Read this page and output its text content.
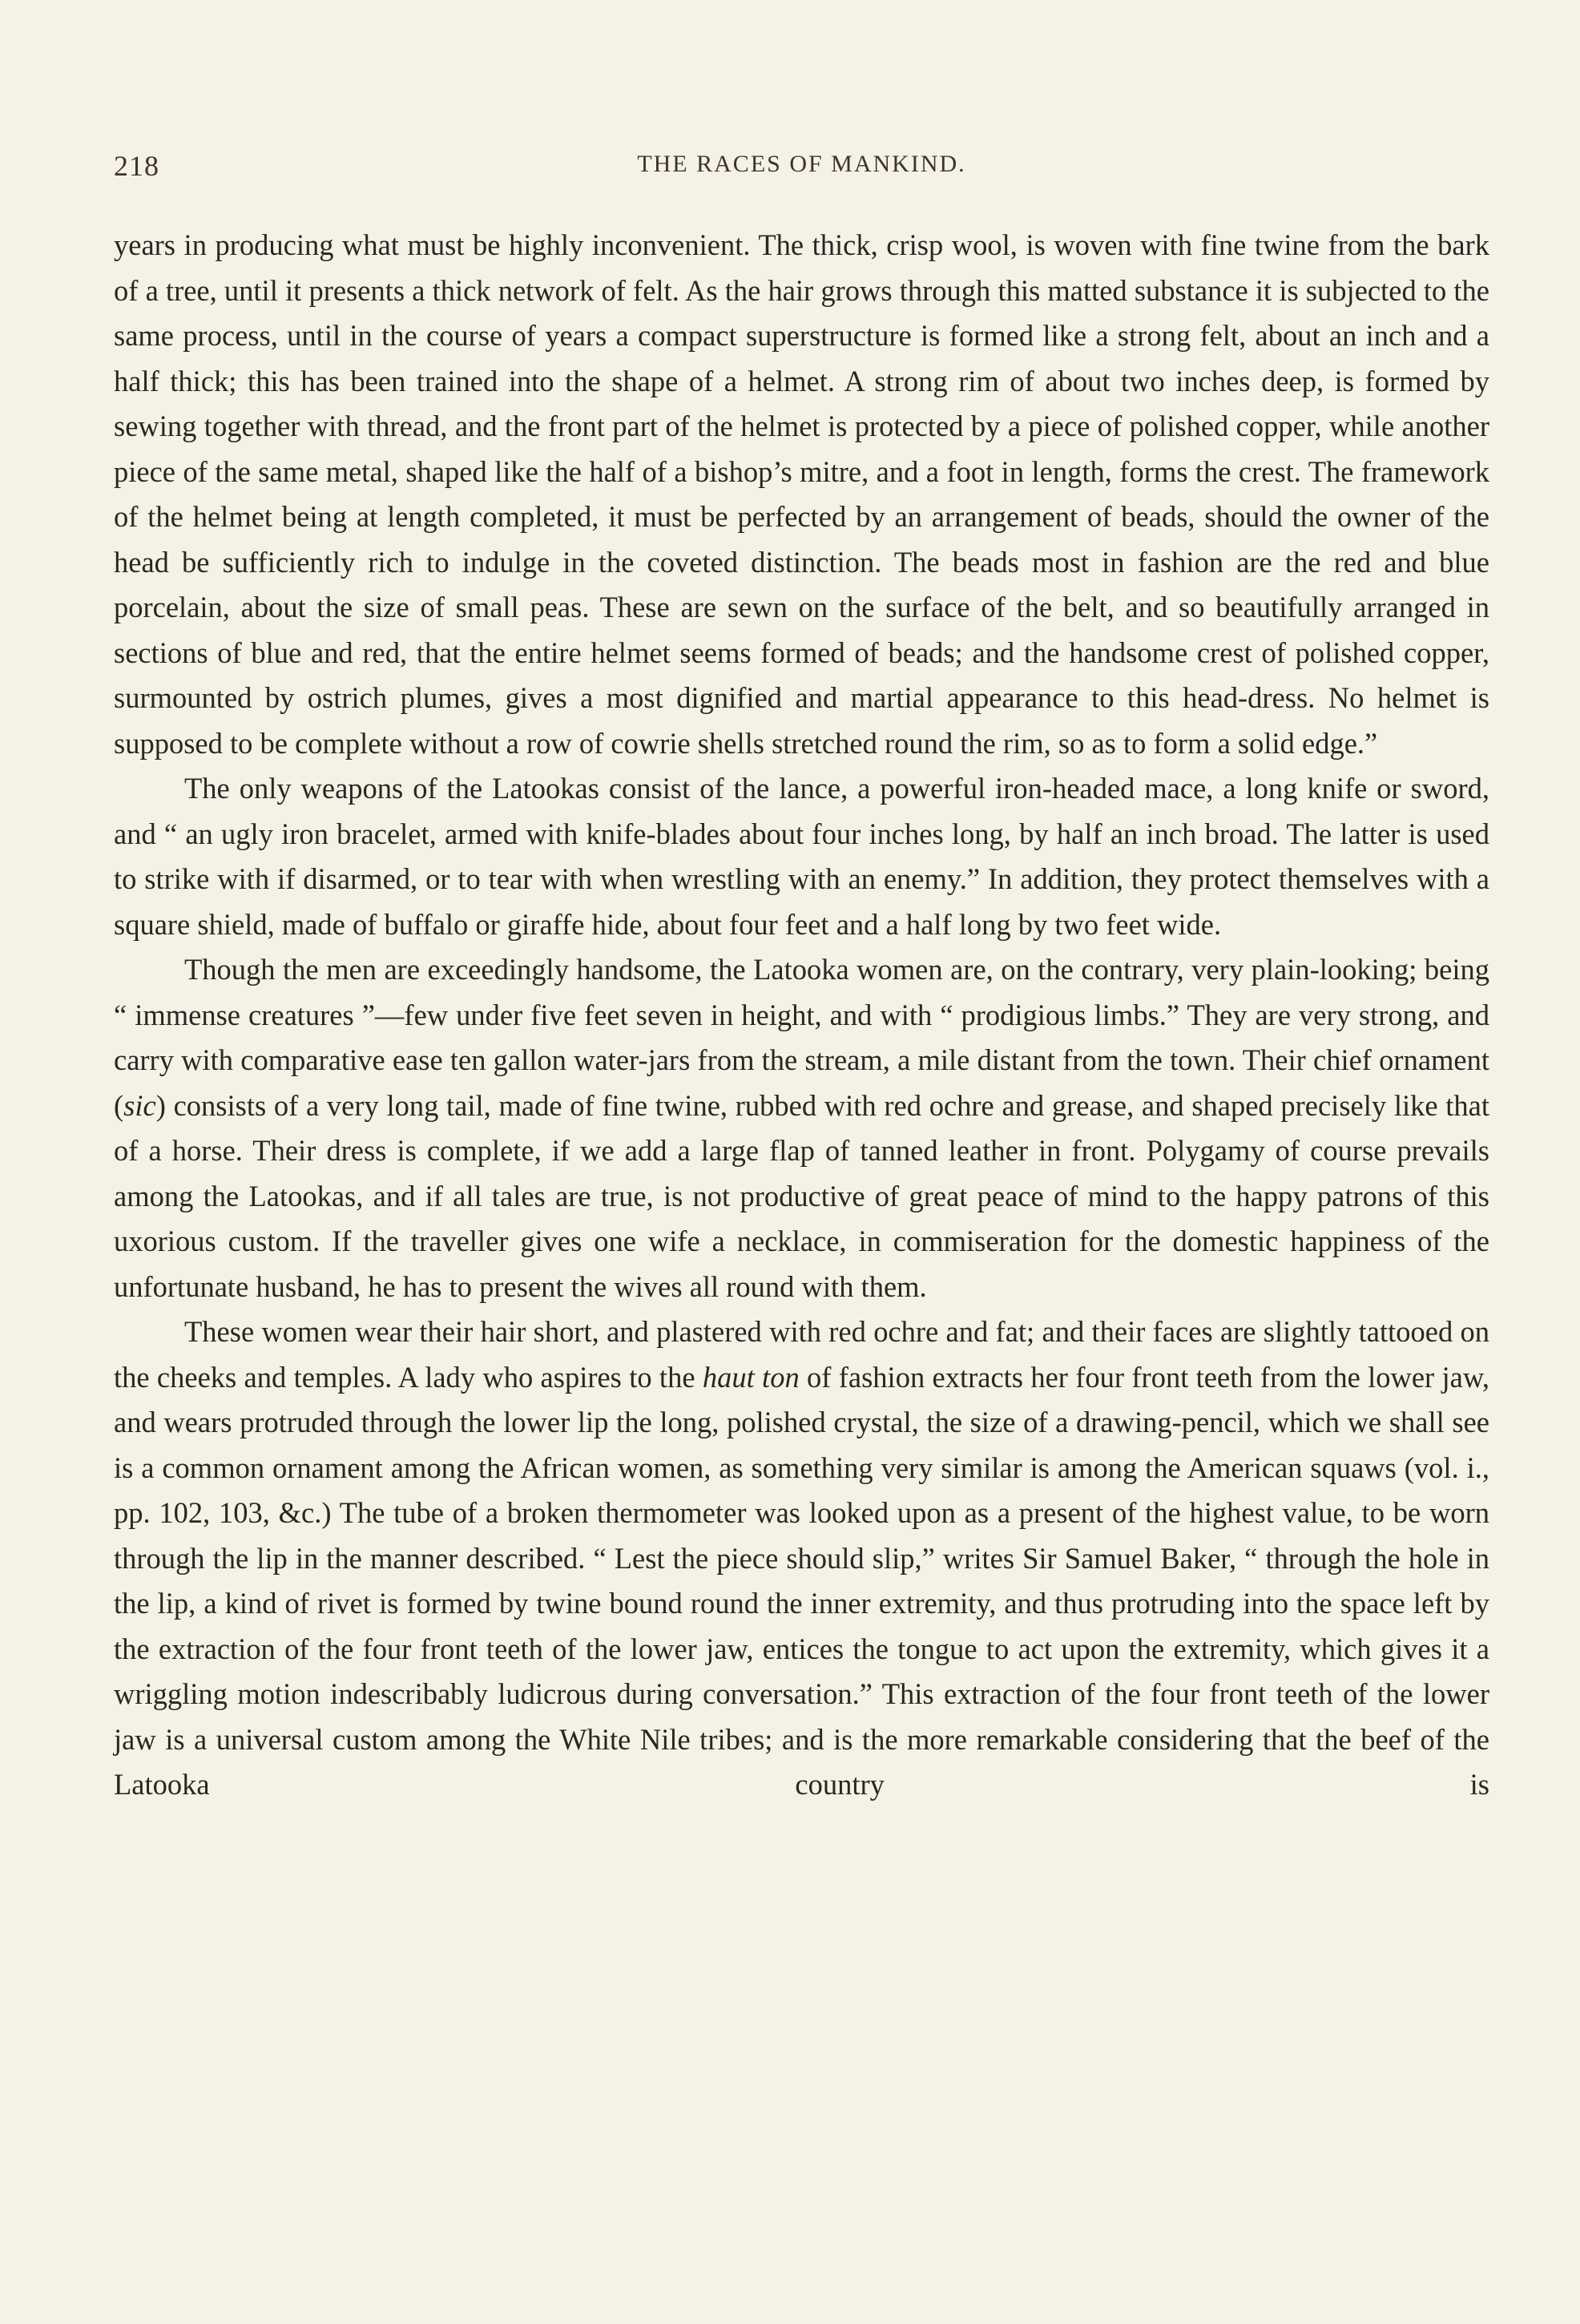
218	THE RACES OF MANKIND.

years in producing what must be highly inconvenient. The thick, crisp wool, is woven with fine twine from the bark of a tree, until it presents a thick network of felt. As the hair grows through this matted substance it is subjected to the same process, until in the course of years a compact superstructure is formed like a strong felt, about an inch and a half thick; this has been trained into the shape of a helmet. A strong rim of about two inches deep, is formed by sewing together with thread, and the front part of the helmet is protected by a piece of polished copper, while another piece of the same metal, shaped like the half of a bishop’s mitre, and a foot in length, forms the crest. The framework of the helmet being at length completed, it must be perfected by an arrangement of beads, should the owner of the head be sufficiently rich to indulge in the coveted distinction. The beads most in fashion are the red and blue porcelain, about the size of small peas. These are sewn on the surface of the belt, and so beautifully arranged in sections of blue and red, that the entire helmet seems formed of beads; and the handsome crest of polished copper, surmounted by ostrich plumes, gives a most dignified and martial appearance to this head-dress. No helmet is supposed to be complete without a row of cowrie shells stretched round the rim, so as to form a solid edge.”

The only weapons of the Latookas consist of the lance, a powerful iron-headed mace, a long knife or sword, and “ an ugly iron bracelet, armed with knife-blades about four inches long, by half an inch broad. The latter is used to strike with if disarmed, or to tear with when wrestling with an enemy.” In addition, they protect themselves with a square shield, made of buffalo or giraffe hide, about four feet and a half long by two feet wide.

Though the men are exceedingly handsome, the Latooka women are, on the contrary, very plain-looking; being “ immense creatures ”—few under five feet seven in height, and with “ prodigious limbs.” They are very strong, and carry with comparative ease ten gallon water-jars from the stream, a mile distant from the town. Their chief ornament (sic) consists of a very long tail, made of fine twine, rubbed with red ochre and grease, and shaped precisely like that of a horse. Their dress is complete, if we add a large flap of tanned leather in front. Polygamy of course prevails among the Latookas, and if all tales are true, is not productive of great peace of mind to the happy patrons of this uxorious custom. If the traveller gives one wife a necklace, in commiseration for the domestic happiness of the unfortunate husband, he has to present the wives all round with them.

These women wear their hair short, and plastered with red ochre and fat; and their faces are slightly tattooed on the cheeks and temples. A lady who aspires to the haut ton of fashion extracts her four front teeth from the lower jaw, and wears protruded through the lower lip the long, polished crystal, the size of a drawing-pencil, which we shall see is a common ornament among the African women, as something very similar is among the American squaws (vol. i., pp. 102, 103, &c.) The tube of a broken thermometer was looked upon as a present of the highest value, to be worn through the lip in the manner described. “ Lest the piece should slip,” writes Sir Samuel Baker, “ through the hole in the lip, a kind of rivet is formed by twine bound round the inner extremity, and thus protruding into the space left by the extraction of the four front teeth of the lower jaw, entices the tongue to act upon the extremity, which gives it a wriggling motion indescribably ludicrous during conversation.” This extraction of the four front teeth of the lower jaw is a universal custom among the White Nile tribes; and is the more remarkable considering that the beef of the Latooka country is
